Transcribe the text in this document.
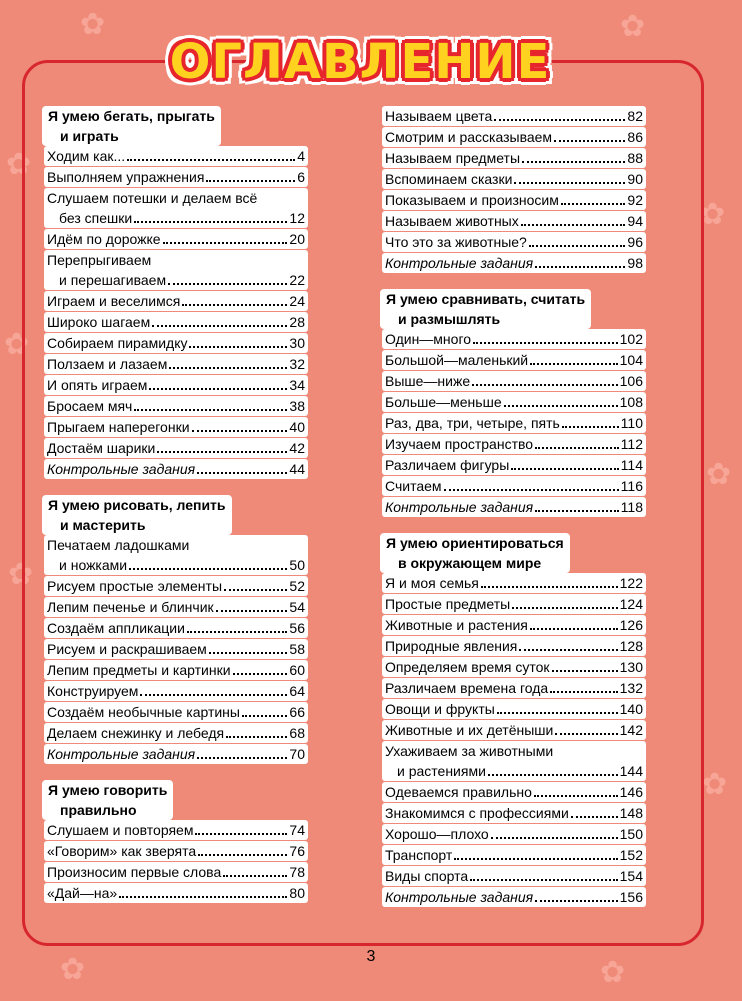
✿
✿
✿
✿
✿
✿
✿	✿
✿	✿
ОГЛАВЛЕНИЕ
Я умею бегать, прыгать
и играть
Ходим как...	4
Выполняем упражнения	6
Слушаем потешки и делаем всё
без спешки	12
Идём по дорожке	20
Перепрыгиваем
и перешагиваем	22
Играем и веселимся	24
Широко шагаем	28
Собираем пирамидку	30
Ползаем и лазаем	32
И опять играем	34
Бросаем мяч	38
Прыгаем наперегонки	40
Достаём шарики	42
Контрольные задания	44
Я умею рисовать, лепить
и мастерить
Печатаем ладошками
и ножками	50
Рисуем простые элементы	52
Лепим печенье и блинчик	54
Создаём аппликации	56
Рисуем и раскрашиваем	58
Лепим предметы и картинки	60
Конструируем	64
Создаём необычные картины	66
Делаем снежинку и лебедя	68
Контрольные задания	70
Я умею говорить
правильно
Слушаем и повторяем	74
«Говорим» как зверята	76
Произносим первые слова	78
«Дай—на»	80
Называем цвета	82
Смотрим и рассказываем	86
Называем предметы	88
Вспоминаем сказки	90
Показываем и произносим	92
Называем животных	94
Что это за животные?	96
Контрольные задания	98
Я умею сравнивать, считать
и размышлять
Один—много	102
Большой—маленький	104
Выше—ниже	106
Больше—меньше	108
Раз, два, три, четыре, пять	110
Изучаем пространство	112
Различаем фигуры	114
Считаем	116
Контрольные задания	118
Я умею ориентироваться
в окружающем мире
Я и моя семья	122
Простые предметы	124
Животные и растения	126
Природные явления	128
Определяем время суток	130
Различаем времена года	132
Овощи и фрукты	140
Животные и их детёныши	142
Ухаживаем за животными
и растениями	144
Одеваемся правильно	146
Знакомимся с профессиями	148
Хорошо—плохо	150
Транспорт	152
Виды спорта	154
Контрольные задания	156
3
